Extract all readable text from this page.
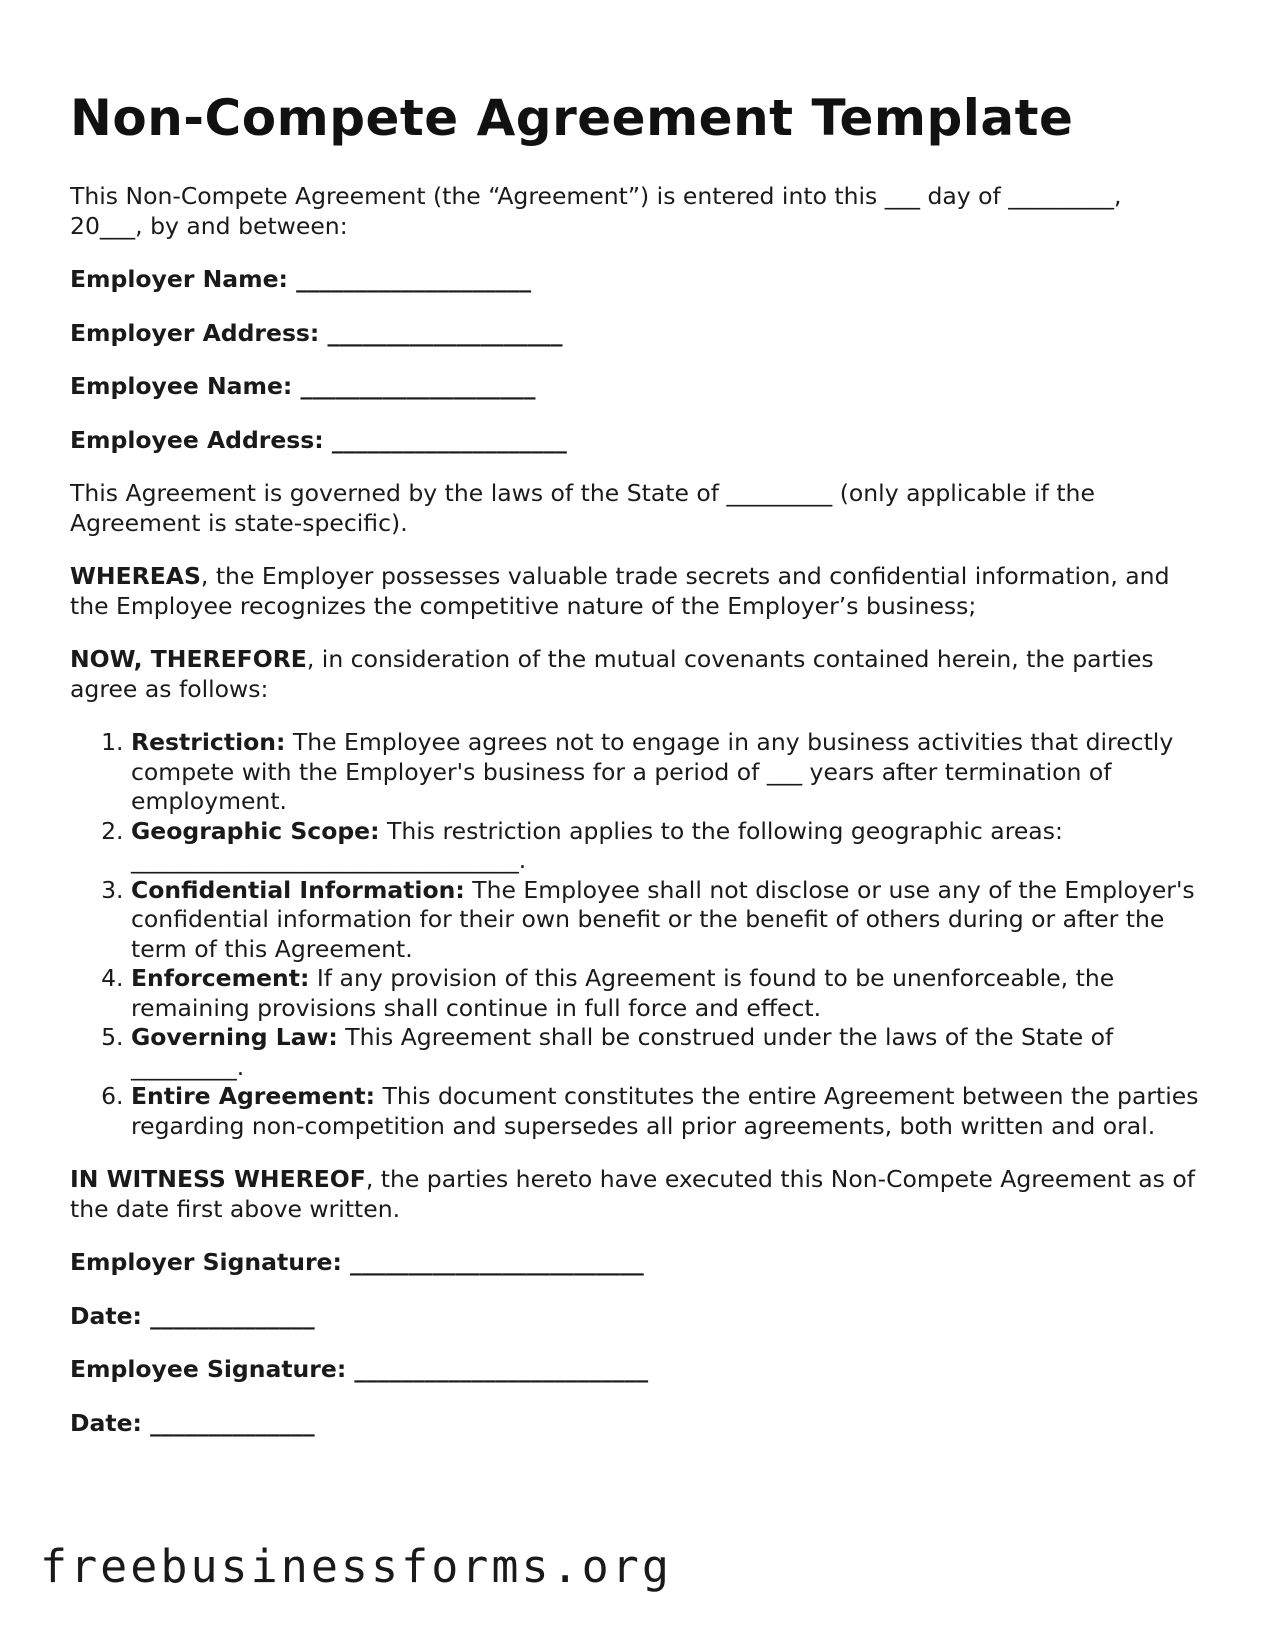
Non-Compete Agreement Template

This Non-Compete Agreement (the “Agreement”) is entered into this ___ day of _________, 20___, by and between:

Employer Name: ____________________

Employer Address: ____________________

Employee Name: ____________________

Employee Address: ____________________

This Agreement is governed by the laws of the State of _________ (only applicable if the Agreement is state-specific).

WHEREAS, the Employer possesses valuable trade secrets and confidential information, and the Employee recognizes the competitive nature of the Employer’s business;

NOW, THEREFORE, in consideration of the mutual covenants contained herein, the parties agree as follows:

1. Restriction: The Employee agrees not to engage in any business activities that directly compete with the Employer's business for a period of ___ years after termination of employment.
2. Geographic Scope: This restriction applies to the following geographic areas: _________________________________.
3. Confidential Information: The Employee shall not disclose or use any of the Employer's confidential information for their own benefit or the benefit of others during or after the term of this Agreement.
4. Enforcement: If any provision of this Agreement is found to be unenforceable, the remaining provisions shall continue in full force and effect.
5. Governing Law: This Agreement shall be construed under the laws of the State of _________.
6. Entire Agreement: This document constitutes the entire Agreement between the parties regarding non-competition and supersedes all prior agreements, both written and oral.

IN WITNESS WHEREOF, the parties hereto have executed this Non-Compete Agreement as of the date first above written.

Employer Signature: _________________________

Date: ______________

Employee Signature: _________________________

Date: ______________

freebusinessforms.org
